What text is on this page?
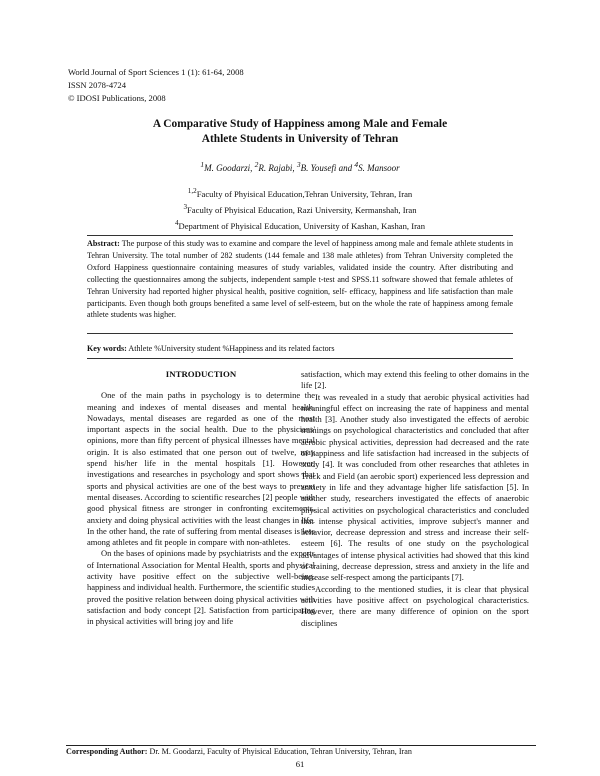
World Journal of Sport Sciences 1 (1): 61-64, 2008
ISSN 2078-4724
© IDOSI Publications, 2008
A Comparative Study of Happiness among Male and Female
Athlete Students in University of Tehran
$^1$M. Goodarzi, $^2$R. Rajabi, $^3$B. Yousefi and $^4$S. Mansoor
$^{1,2}$Faculty of Phyisical Education,Tehran University, Tehran, Iran
$^3$Faculty of Phyisical Education, Razi University, Kermanshah, Iran
$^4$Department of Phyisical Education, University of Kashan, Kashan, Iran
Abstract: The purpose of this study was to examine and compare the level of happiness among male and female athlete students in Tehran University. The total number of 282 students (144 female and 138 male athletes) from Tehran University completed the Oxford Happiness questionnaire containing measures of study variables, validated inside the country. After distributing and collecting the questionnaires among the subjects, independent sample t-test and SPSS.11 software showed that female athletes of Tehran University had reported higher physical health, positive cognition, self- efficacy, happiness and life satisfaction than male participants. Even though both groups benefited a same level of self-esteem, but on the whole the rate of happiness among female athlete students was higher.
Key words: Athlete %University student %Happiness and its related factors
INTRODUCTION

One of the main paths in psychology is to determine the meaning and indexes of mental diseases and mental health. Nowadays, mental diseases are regarded as one of the most important aspects in the social health. Due to the physicians' opinions, more than fifty percent of physical illnesses have mental origin. It is also estimated that one person out of twelve, may spend his/her life in the mental hospitals [1]. However, investigations and researches in psychology and sport shows that sports and physical activities are one of the best ways to prevent mental diseases. According to scientific researches [2] people with good physical fitness are stronger in confronting excitements, anxiety and doing physical activities with the least changes in life. In the other hand, the rate of suffering from mental diseases is less among athletes and fit people in compare with non-athletes.

On the bases of opinions made by psychiatrists and the experts of International Association for Mental Health, sports and physical activity have positive effect on the subjective well-being, happiness and individual health. Furthermore, the scientific studies proved the positive relation between doing physical activities with satisfaction and body concept [2]. Satisfaction from participating in physical activities will bring joy and life

satisfaction, which may extend this feeling to other domains in the life [2].

It was revealed in a study that aerobic physical activities had meaningful effect on increasing the rate of happiness and mental health [3]. Another study also investigated the effects of aerobic trainings on psychological characteristics and concluded that after aerobic physical activities, depression had decreased and the rate of happiness and life satisfaction had increased in the subjects of study [4]. It was concluded from other researches that athletes in Track and Field (an aerobic sport) experienced less depression and anxiety in life and they advantage higher life satisfaction [5]. In another study, researchers investigated the effects of anaerobic physical activities on psychological characteristics and concluded that intense physical activities, improve subject's manner and behavior, decrease depression and stress and increase their self-esteem [6]. The results of one study on the psychological advantages of intense physical activities had showed that this kind of training, decrease depression, stress and anxiety in the life and increase self-respect among the participants [7].

According to the mentioned studies, it is clear that physical activities have positive affect on psychological characteristics. However, there are many difference of opinion on the sport disciplines

Corresponding Author: Dr. M. Goodarzi, Faculty of Phyisical Education, Tehran University, Tehran, Iran
61
